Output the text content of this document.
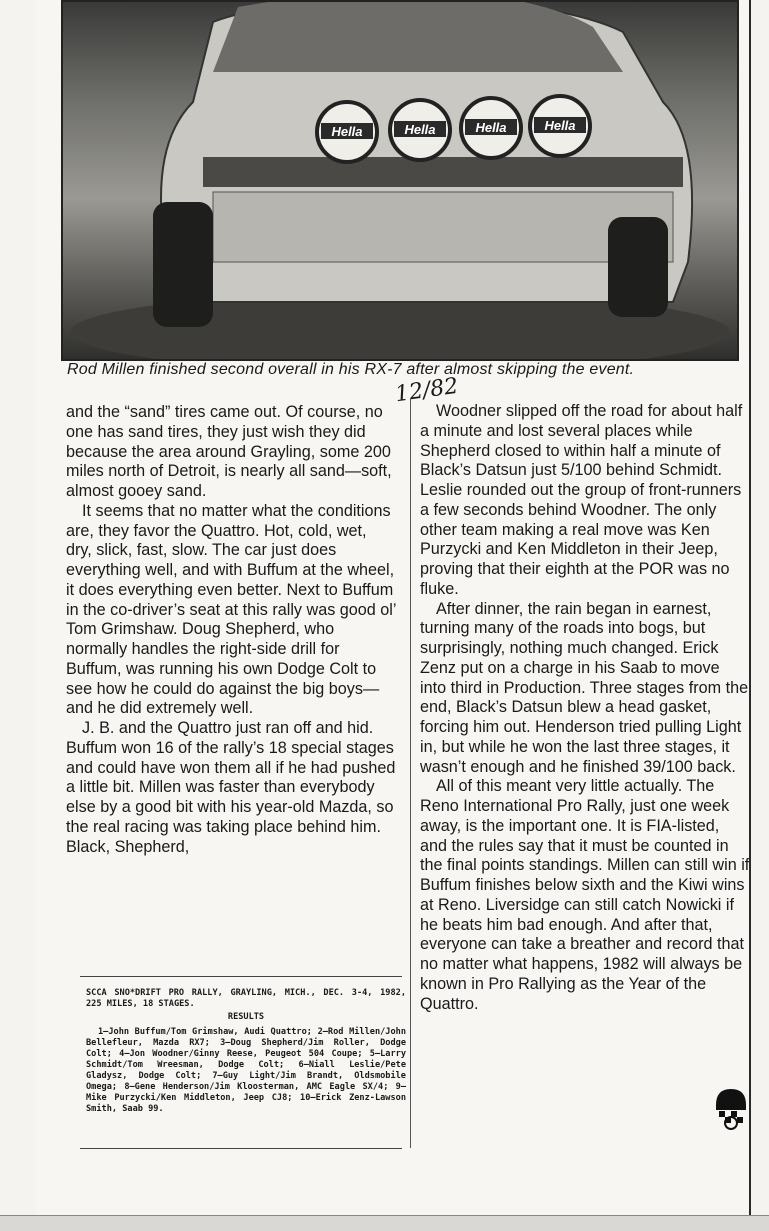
Hella	Hella	Hella	Hella
Rod Millen finished second overall in his RX-7 after almost skipping the event.
12/82

and the “sand” tires came out. Of course, no one has sand tires, they just wish they did because the area around Grayling, some 200 miles north of Detroit, is nearly all sand—soft, almost gooey sand.

It seems that no matter what the conditions are, they favor the Quattro. Hot, cold, wet, dry, slick, fast, slow. The car just does everything well, and with Buffum at the wheel, it does everything even better. Next to Buffum in the co-driver’s seat at this rally was good ol’ Tom Grimshaw. Doug Shepherd, who normally handles the right-side drill for Buffum, was running his own Dodge Colt to see how he could do against the big boys—and he did extremely well.

J. B. and the Quattro just ran off and hid. Buffum won 16 of the rally’s 18 special stages and could have won them all if he had pushed a little bit. Millen was faster than everybody else by a good bit with his year-old Mazda, so the real racing was taking place behind him. Black, Shepherd,

Woodner slipped off the road for about half a minute and lost several places while Shepherd closed to within half a minute of Black’s Datsun just 5/100 behind Schmidt. Leslie rounded out the group of front-runners a few seconds behind Woodner. The only other team making a real move was Ken Purzycki and Ken Middleton in their Jeep, proving that their eighth at the POR was no fluke.

After dinner, the rain began in earnest, turning many of the roads into bogs, but surprisingly, nothing much changed. Erick Zenz put on a charge in his Saab to move into third in Production. Three stages from the end, Black’s Datsun blew a head gasket, forcing him out. Henderson tried pulling Light in, but while he won the last three stages, it wasn’t enough and he finished 39/100 back.

All of this meant very little actually. The Reno International Pro Rally, just one week away, is the important one. It is FIA-listed, and the rules say that it must be counted in the final points standings. Millen can still win if Buffum finishes below sixth and the Kiwi wins at Reno. Liversidge can still catch Nowicki if he beats him bad enough. And after that, everyone can take a breather and record that no matter what happens, 1982 will always be known in Pro Rallying as the Year of the Quattro.

SCCA SNO*DRIFT PRO RALLY, GRAYLING, MICH., DEC. 3-4, 1982, 225 MILES, 18 STAGES.

RESULTS

1—John Buffum/Tom Grimshaw, Audi Quattro; 2—Rod Millen/John Bellefleur, Mazda RX7; 3—Doug Shepherd/Jim Roller, Dodge Colt; 4—Jon Woodner/Ginny Reese, Peugeot 504 Coupe; 5—Larry Schmidt/Tom Wreesman, Dodge Colt; 6—Niall Leslie/Pete Gladysz, Dodge Colt; 7—Guy Light/Jim Brandt, Oldsmobile Omega; 8—Gene Henderson/Jim Kloosterman, AMC Eagle SX/4; 9—Mike Purzycki/Ken Middleton, Jeep CJ8; 10—Erick Zenz-Lawson Smith, Saab 99.
